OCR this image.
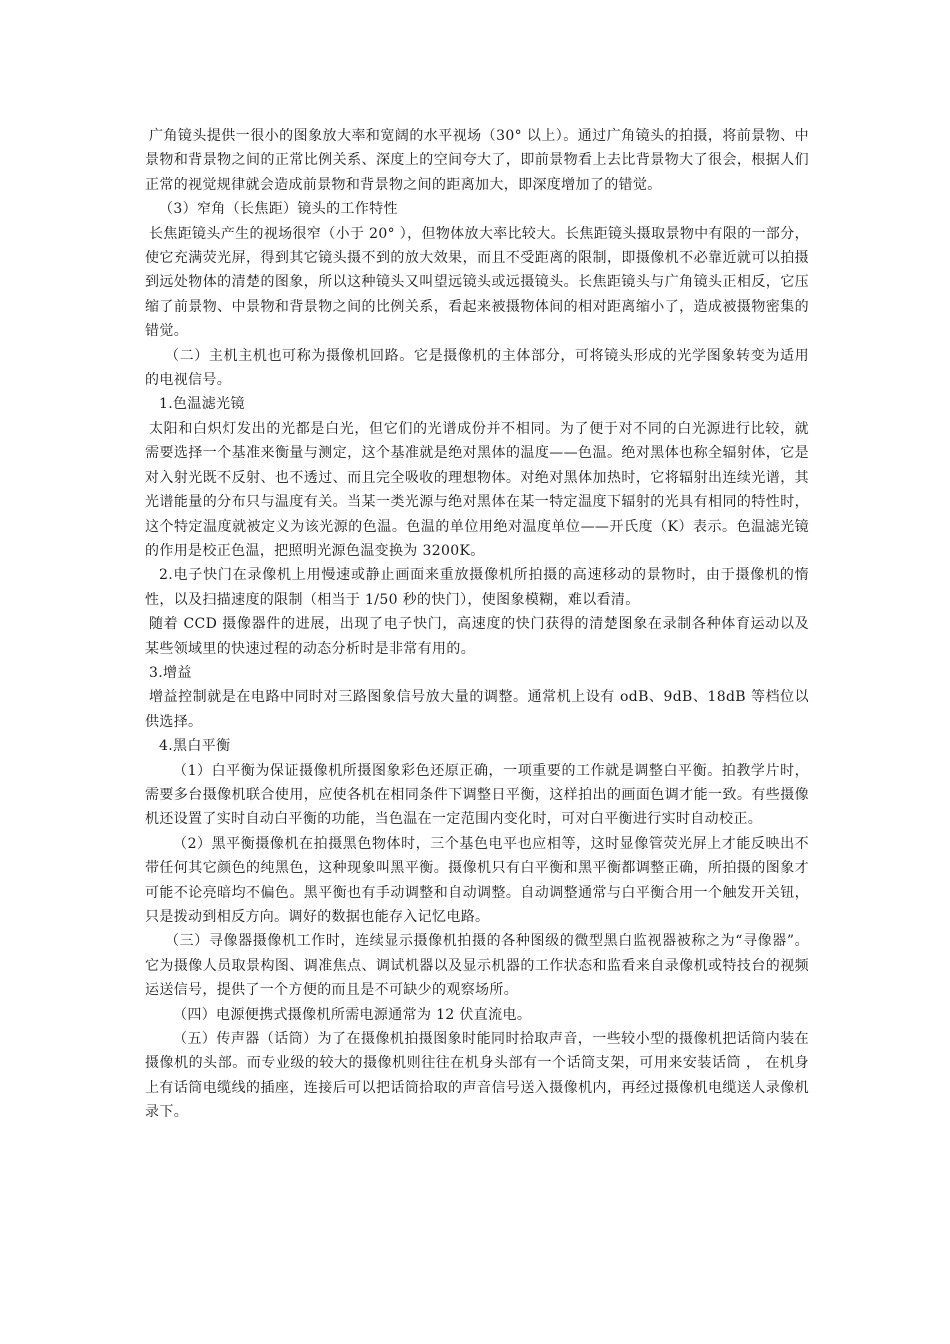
广角镜头提供一很小的图象放大率和宽阔的水平视场（30° 以上）。通过广角镜头的拍摄，将前景物、中景物和背景物之间的正常比例关系、深度上的空间夸大了，即前景物看上去比背景物大了很会，根据人们正常的视觉规律就会造成前景物和背景物之间的距离加大，即深度增加了的错觉。

（3）窄角（长焦距）镜头的工作特性

长焦距镜头产生的视场很窄（小于 20° ），但物体放大率比较大。长焦距镜头摄取景物中有限的一部分，使它充满荧光屏，得到其它镜头摄不到的放大效果，而且不受距离的限制，即摄像机不必靠近就可以拍摄到远处物体的清楚的图象，所以这种镜头又叫望远镜头或远摄镜头。长焦距镜头与广角镜头正相反，它压缩了前景物、中景物和背景物之间的比例关系，看起来被摄物体间的相对距离缩小了，造成被摄物密集的错觉。

（二）主机主机也可称为摄像机回路。它是摄像机的主体部分，可将镜头形成的光学图象转变为适用的电视信号。

1.色温滤光镜

太阳和白炽灯发出的光都是白光，但它们的光谱成份并不相同。为了便于对不同的白光源进行比较，就需要选择一个基准来衡量与测定，这个基准就是绝对黑体的温度——色温。绝对黑体也称全辐射体，它是对入射光既不反射、也不透过、而且完全吸收的理想物体。对绝对黑体加热时，它将辐射出连续光谱，其光谱能量的分布只与温度有关。当某一类光源与绝对黑体在某一特定温度下辐射的光具有相同的特性时，这个特定温度就被定义为该光源的色温。色温的单位用绝对温度单位——开氏度（K）表示。色温滤光镜的作用是校正色温，把照明光源色温变换为 3200K。

2.电子快门在录像机上用慢速或静止画面来重放摄像机所拍摄的高速移动的景物时，由于摄像机的惰性，以及扫描速度的限制（相当于 1/50 秒的快门），使图象模糊，难以看清。

随着 CCD 摄像器件的进展，出现了电子快门，高速度的快门获得的清楚图象在录制各种体育运动以及某些领域里的快速过程的动态分析时是非常有用的。

3.增益

增益控制就是在电路中同时对三路图象信号放大量的调整。通常机上设有 odB、9dB、18dB 等档位以供选择。

4.黑白平衡

（1）白平衡为保证摄像机所摄图象彩色还原正确，一项重要的工作就是调整白平衡。拍教学片时，需要多台摄像机联合使用，应使各机在相同条件下调整日平衡，这样拍出的画面色调才能一致。有些摄像机还设置了实时自动白平衡的功能，当色温在一定范围内变化时，可对白平衡进行实时自动校正。

（2）黑平衡摄像机在拍摄黑色物体时，三个基色电平也应相等，这时显像管荧光屏上才能反映出不带任何其它颜色的纯黑色，这种现象叫黑平衡。摄像机只有白平衡和黑平衡都调整正确，所拍摄的图象才可能不论亮暗均不偏色。黑平衡也有手动调整和自动调整。自动调整通常与白平衡合用一个触发开关钮，只是拨动到相反方向。调好的数据也能存入记忆电路。

（三）寻像器摄像机工作时，连续显示摄像机拍摄的各种图级的微型黑白监视器被称之为“寻像器”。它为摄像人员取景构图、调准焦点、调试机器以及显示机器的工作状态和监看来自录像机或特技台的视频运送信号，提供了一个方便的而且是不可缺少的观察场所。

（四）电源便携式摄像机所需电源通常为 12 伏直流电。

（五）传声器（话筒）为了在摄像机拍摄图象时能同时拾取声音，一些较小型的摄像机把话筒内装在摄像机的头部。而专业级的较大的摄像机则往往在机身头部有一个话筒支架，可用来安装话筒 ， 在机身上有话筒电缆线的插座，连接后可以把话筒拾取的声音信号送入摄像机内，再经过摄像机电缆送人录像机录下。
